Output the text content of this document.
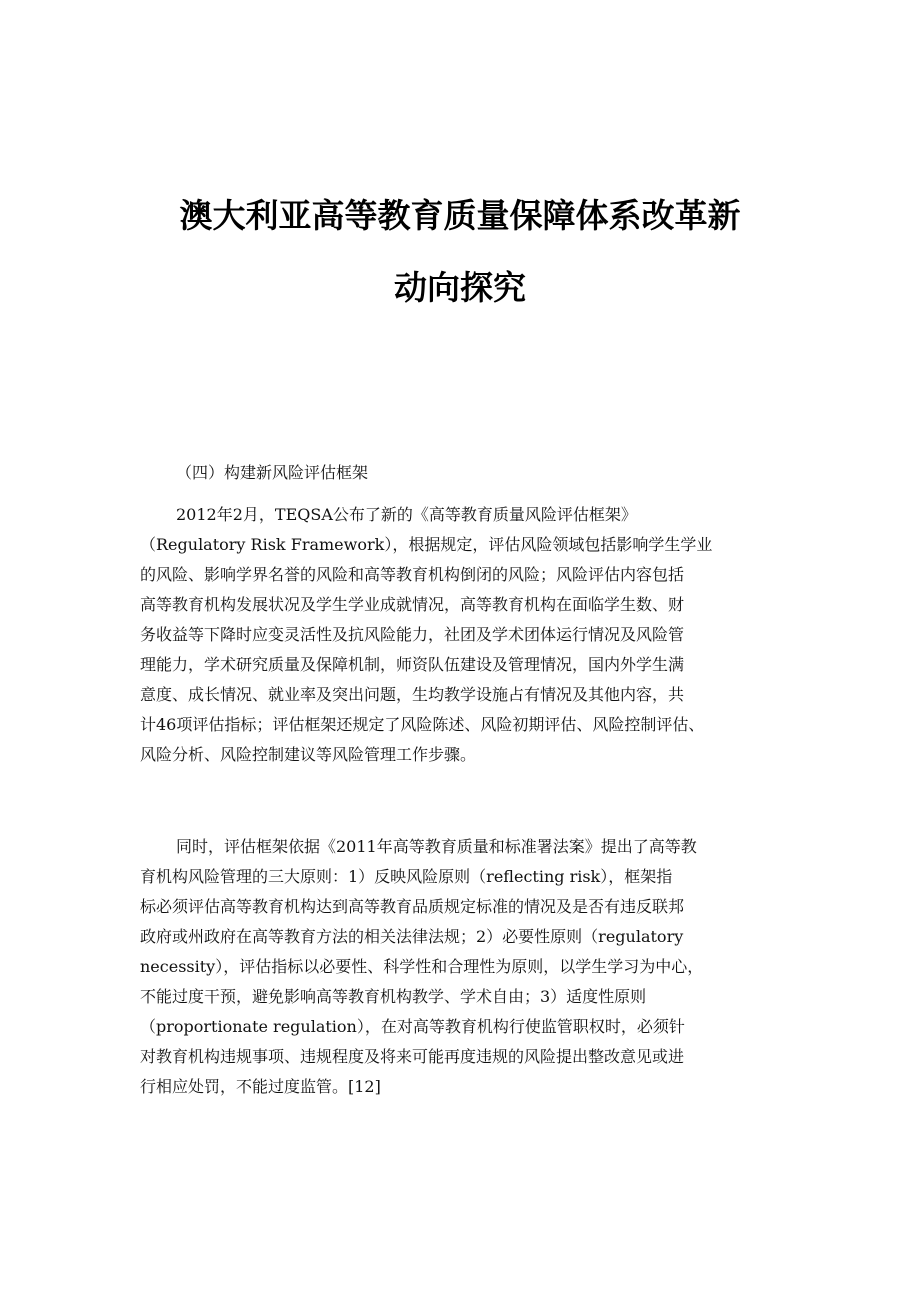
澳大利亚高等教育质量保障体系改革新
动向探究

（四）构建新风险评估框架

2012年2月，TEQSA公布了新的《高等教育质量风险评估框架》
（Regulatory Risk Framework），根据规定，评估风险领域包括影响学生学业
的风险、影响学界名誉的风险和高等教育机构倒闭的风险；风险评估内容包括
高等教育机构发展状况及学生学业成就情况，高等教育机构在面临学生数、财
务收益等下降时应变灵活性及抗风险能力，社团及学术团体运行情况及风险管
理能力，学术研究质量及保障机制，师资队伍建设及管理情况，国内外学生满
意度、成长情况、就业率及突出问题，生均教学设施占有情况及其他内容，共
计46项评估指标；评估框架还规定了风险陈述、风险初期评估、风险控制评估、
风险分析、风险控制建议等风险管理工作步骤。
同时，评估框架依据《2011年高等教育质量和标准署法案》提出了高等教
育机构风险管理的三大原则：1）反映风险原则（reflecting risk），框架指
标必须评估高等教育机构达到高等教育品质规定标准的情况及是否有违反联邦
政府或州政府在高等教育方法的相关法律法规；2）必要性原则（regulatory
necessity），评估指标以必要性、科学性和合理性为原则，以学生学习为中心，
不能过度干预，避免影响高等教育机构教学、学术自由；3）适度性原则
（proportionate regulation），在对高等教育机构行使监管职权时，必须针
对教育机构违规事项、违规程度及将来可能再度违规的风险提出整改意见或进
行相应处罚，不能过度监管。[12]
